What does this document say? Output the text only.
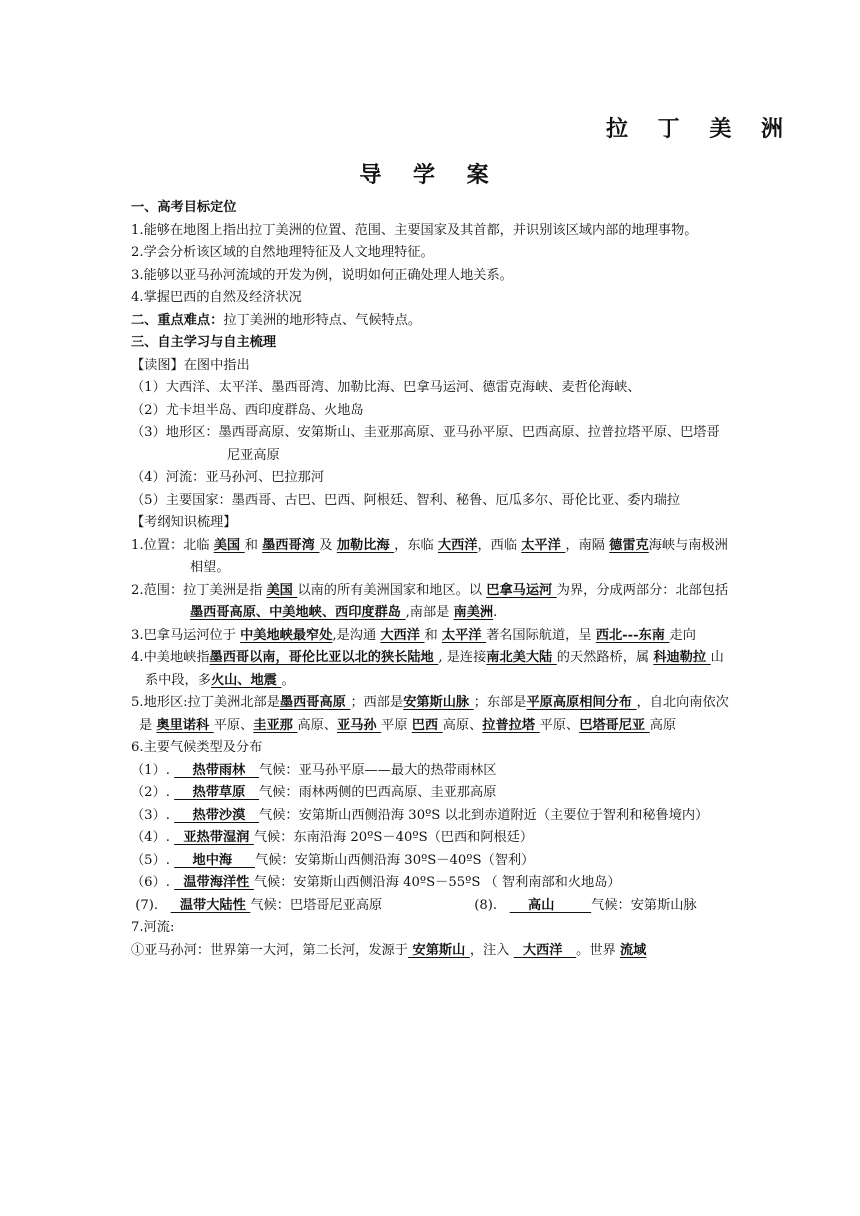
拉 丁 美 洲
导 学 案

一、高考目标定位

1.能够在地图上指出拉丁美洲的位置、范围、主要国家及其首都，并识别该区域内部的地理事物。

2.学会分析该区域的自然地理特征及人文地理特征。

3.能够以亚马孙河流域的开发为例，说明如何正确处理人地关系。

4.掌握巴西的自然及经济状况

二、重点难点：拉丁美洲的地形特点、气候特点。

三、自主学习与自主梳理

【读图】在图中指出

（1）大西洋、太平洋、墨西哥湾、加勒比海、巴拿马运河、德雷克海峡、麦哲伦海峡、

（2）尤卡坦半岛、西印度群岛、火地岛

（3）地形区：墨西哥高原、安第斯山、圭亚那高原、亚马孙平原、巴西高原、拉普拉塔平原、巴塔哥尼亚高原

（4）河流：亚马孙河、巴拉那河

（5）主要国家：墨西哥、古巴、巴西、阿根廷、智利、秘鲁、厄瓜多尔、哥伦比亚、委内瑞拉

【考纲知识梳理】

1.位置：北临 美国 和 墨西哥湾 及 加勒比海 ，东临 大西洋，西临 太平洋 ，南隔 德雷克海峡与南极洲相望。

2.范围：拉丁美洲是指 美国 以南的所有美洲国家和地区。以 巴拿马运河 为界，分成两部分：北部包括 墨西哥高原、中美地峡、西印度群岛 ,南部是 南美洲.

3.巴拿马运河位于 中美地峡最窄处,是沟通 大西洋 和 太平洋 著名国际航道，呈 西北---东南 走向

4.中美地峡指墨西哥以南，哥伦比亚以北的狭长陆地 , 是连接南北美大陆 的天然路桥，属 科迪勒拉 山系中段，多火山、地震 。

5.地形区:拉丁美洲北部是墨西哥高原 ；西部是安第斯山脉 ；东部是平原高原相间分布 ，自北向南依次是 奥里诺科 平原、圭亚那 高原、亚马孙 平原 巴西 高原、拉普拉塔 平原、巴塔哥尼亚 高原

6.主要气候类型及分布

（1）.     热带雨林   气候：亚马孙平原——最大的热带雨林区

（2）.     热带草原   气候：雨林两侧的巴西高原、圭亚那高原

（3）.     热带沙漠   气候：安第斯山西侧沿海 30ºS 以北到赤道附近（主要位于智利和秘鲁境内）

（4）.   亚热带湿润 气候：东南沿海 20ºS－40ºS（巴西和阿根廷）

（5）.     地中海     气候：安第斯山西侧沿海 30ºS－40ºS（智利）

（6）.   温带海洋性 气候：安第斯山西侧沿海 40ºS－55ºS （ 智利南部和火地岛）

(7).     温带大陆性 气候：巴塔哥尼亚高原	(8).       高山        气候：安第斯山脉

7.河流:

①亚马孙河：世界第一大河，第二长河，发源于 安第斯山 ，注入   大西洋   。世界 流域
